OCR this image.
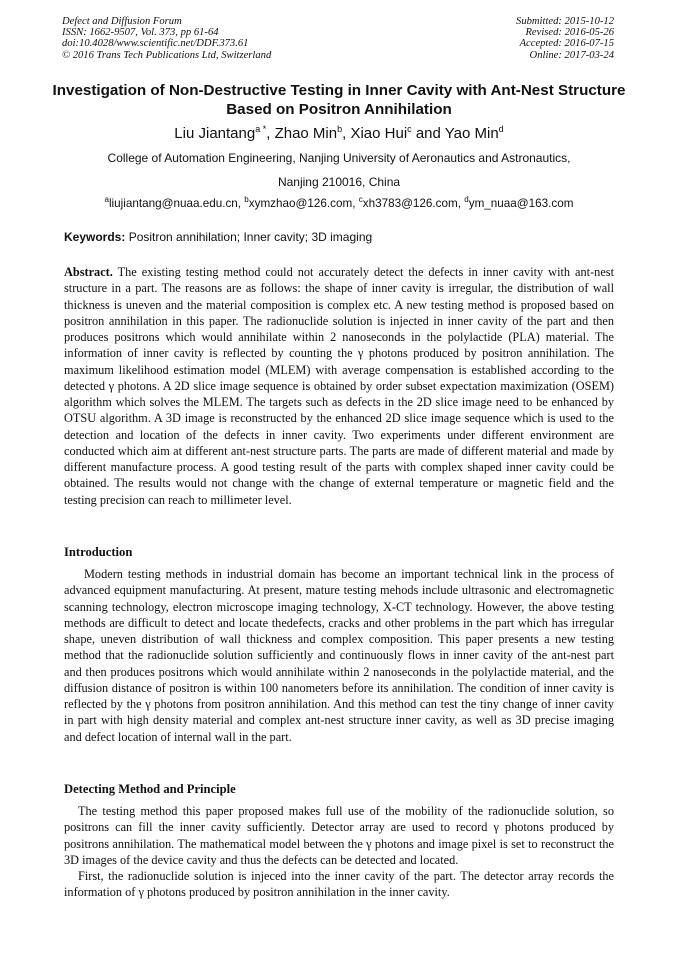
Defect and Diffusion Forum
ISSN: 1662-9507, Vol. 373, pp 61-64
doi:10.4028/www.scientific.net/DDF.373.61
© 2016 Trans Tech Publications Ltd, Switzerland
Submitted: 2015-10-12
Revised: 2016-05-26
Accepted: 2016-07-15
Online: 2017-03-24
Investigation of Non-Destructive Testing in Inner Cavity with Ant-Nest Structure Based on Positron Annihilation
Liu Jiantang$^{a *}$, Zhao Min$^b$, Xiao Hui$^c$ and Yao Min$^d$
College of Automation Engineering, Nanjing University of Aeronautics and Astronautics,
Nanjing 210016, China
$^a$liujiantang@nuaa.edu.cn, $^b$xymzhao@126.com, $^c$xh3783@126.com, $^d$ym_nuaa@163.com
Keywords: Positron annihilation; Inner cavity; 3D imaging
Abstract. The existing testing method could not accurately detect the defects in inner cavity with ant-nest structure in a part. The reasons are as follows: the shape of inner cavity is irregular, the distribution of wall thickness is uneven and the material composition is complex etc. A new testing method is proposed based on positron annihilation in this paper. The radionuclide solution is injected in inner cavity of the part and then produces positrons which would annihilate within 2 nanoseconds in the polylactide (PLA) material. The information of inner cavity is reflected by counting the γ photons produced by positron annihilation. The maximum likelihood estimation model (MLEM) with average compensation is established according to the detected γ photons. A 2D slice image sequence is obtained by order subset expectation maximization (OSEM) algorithm which solves the MLEM. The targets such as defects in the 2D slice image need to be enhanced by OTSU algorithm. A 3D image is reconstructed by the enhanced 2D slice image sequence which is used to the detection and location of the defects in inner cavity. Two experiments under different environment are conducted which aim at different ant-nest structure parts. The parts are made of different material and made by different manufacture process. A good testing result of the parts with complex shaped inner cavity could be obtained. The results would not change with the change of external temperature or magnetic field and the testing precision can reach to millimeter level.
Introduction
Modern testing methods in industrial domain has become an important technical link in the process of advanced equipment manufacturing. At present, mature testing mehods include ultrasonic and electromagnetic scanning technology, electron microscope imaging technology, X-CT technology. However, the above testing methods are difficult to detect and locate thedefects, cracks and other problems in the part which has irregular shape, uneven distribution of wall thickness and complex composition. This paper presents a new testing method that the radionuclide solution sufficiently and continuously flows in inner cavity of the ant-nest part and then produces positrons which would annihilate within 2 nanoseconds in the polylactide material, and the diffusion distance of positron is within 100 nanometers before its annihilation. The condition of inner cavity is reflected by the γ photons from positron annihilation. And this method can test the tiny change of inner cavity in part with high density material and complex ant-nest structure inner cavity, as well as 3D precise imaging and defect location of internal wall in the part.
Detecting Method and Principle
The testing method this paper proposed makes full use of the mobility of the radionuclide solution, so positrons can fill the inner cavity sufficiently. Detector array are used to record γ photons produced by positrons annihilation. The mathematical model between the γ photons and image pixel is set to reconstruct the 3D images of the device cavity and thus the defects can be detected and located.
First, the radionuclide solution is injeced into the inner cavity of the part. The detector array records the information of γ photons produced by positron annihilation in the inner cavity.
